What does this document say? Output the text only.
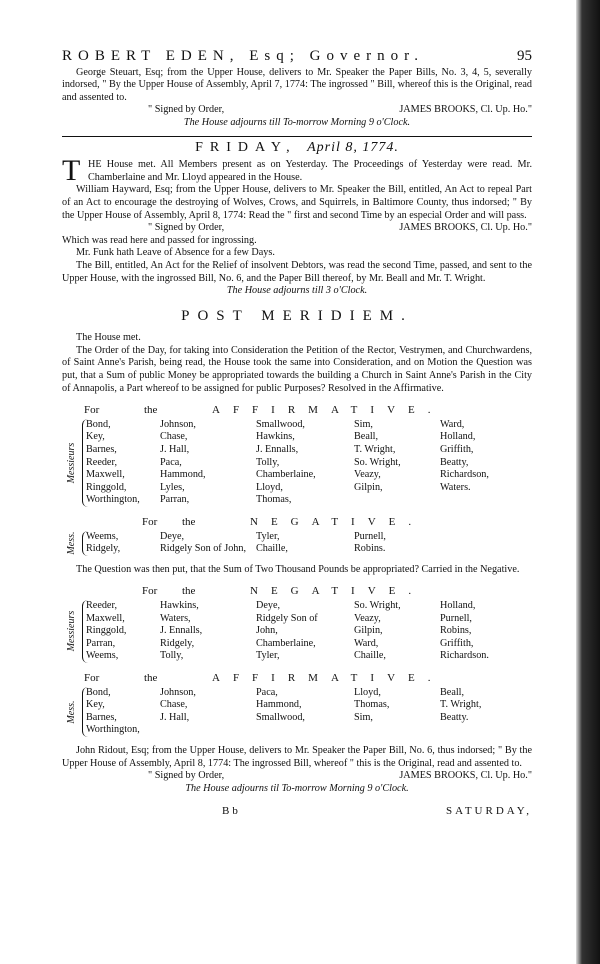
ROBERT EDEN, Esq; Governor.	95

George Steuart, Esq; from the Upper House, delivers to Mr. Speaker the Paper Bills, No. 3, 4, 5, severally indorsed, " By the Upper House of Assembly, April 7, 1774: The ingrossed " Bill, whereof this is the Original, read and assented to.

" Signed by Order,	JAMES BROOKS, Cl. Up. Ho."
The House adjourns till To-morrow Morning 9 o'Clock.
FRIDAY, April 8, 1774.

THE House met. All Members present as on Yesterday. The Proceedings of Yesterday were read. Mr. Chamberlaine and Mr. Lloyd appeared in the House.

William Hayward, Esq; from the Upper House, delivers to Mr. Speaker the Bill, entitled, An Act to repeal Part of an Act to encourage the destroying of Wolves, Crows, and Squirrels, in Baltimore County, thus indorsed; " By the Upper House of Assembly, April 8, 1774: Read the " first and second Time by an especial Order and will pass.

" Signed by Order,	JAMES BROOKS, Cl. Up. Ho."

Which was read here and passed for ingrossing.

Mr. Funk hath Leave of Absence for a few Days.

The Bill, entitled, An Act for the Relief of insolvent Debtors, was read the second Time, passed, and sent to the Upper House, with the ingrossed Bill, No. 6, and the Paper Bill thereof, by Mr. Beall and Mr. T. Wright.

The House adjourns till 3 o'Clock.
POST MERIDIEM.

The House met.

The Order of the Day, for taking into Consideration the Petition of the Rector, Vestrymen, and Churchwardens, of Saint Anne's Parish, being read, the House took the same into Consideration, and on Motion the Question was put, that a Sum of public Money be appropriated towards the building a Church in Saint Anne's Parish in the City of Annapolis, a Part whereof to be assigned for public Purposes? Resolved in the Affirmative.

For	the	AFFIRMATIVE.
Messieurs
Bond,	Johnson,	Smallwood,	Sim,	Ward,
Key,	Chase,	Hawkins,	Beall,	Holland,
Barnes,	J. Hall,	J. Ennalls,	T. Wright,	Griffith,
Reeder,	Paca,	Tolly,	So. Wright,	Beatty,
Maxwell,	Hammond,	Chamberlaine,	Veazy,	Richardson,
Ringgold,	Lyles,	Lloyd,	Gilpin,	Waters.
Worthington,	Parran,	Thomas,
For	the	NEGATIVE.
Mess. Weems,	Deye,	Tyler,	Purnell,
Ridgely,	Ridgely Son of John, Chaille,	Robins.

The Question was then put, that the Sum of Two Thousand Pounds be appropriated? Carried in the Negative.

For	the	NEGATIVE.
Messieurs
Reeder,	Hawkins,	Deye,	So. Wright,	Holland,
Maxwell,	Waters,	Ridgely Son of	Veazy,	Purnell,
Ringgold,	J. Ennalls,	John,	Gilpin,	Robins,
Parran,	Ridgely,	Chamberlaine,	Ward,	Griffith,
Weems,	Tolly,	Tyler,	Chaille,	Richardson.
For	the	AFFIRMATIVE.
Mess.
Bond,	Johnson,	Paca,	Lloyd,	Beall,
Key,	Chase,	Hammond,	Thomas,	T. Wright,
Barnes,	J. Hall,	Smallwood,	Sim,	Beatty.
Worthington,

John Ridout, Esq; from the Upper House, delivers to Mr. Speaker the Paper Bill, No. 6, thus indorsed; " By the Upper House of Assembly, April 8, 1774: The ingrossed Bill, whereof " this is the Original, read and assented to.

" Signed by Order,	JAMES BROOKS, Cl. Up. Ho."
The House adjourns til To-morrow Morning 9 o'Clock.
Bb	SATURDAY,
